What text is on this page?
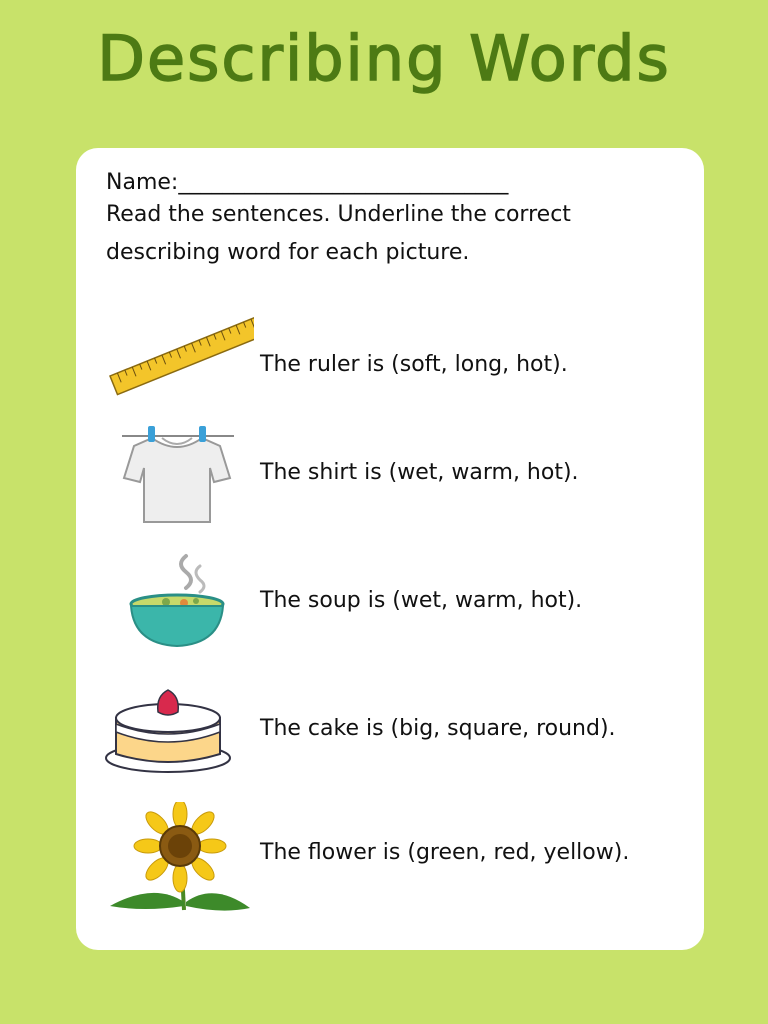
Describing Words
Name:______________________________
Read the sentences. Underline the correct describing word for each picture.
The ruler is (soft, long, hot).
The shirt is (wet, warm, hot).
The soup is (wet, warm, hot).
The cake is (big, square, round).
The flower is (green, red, yellow).
